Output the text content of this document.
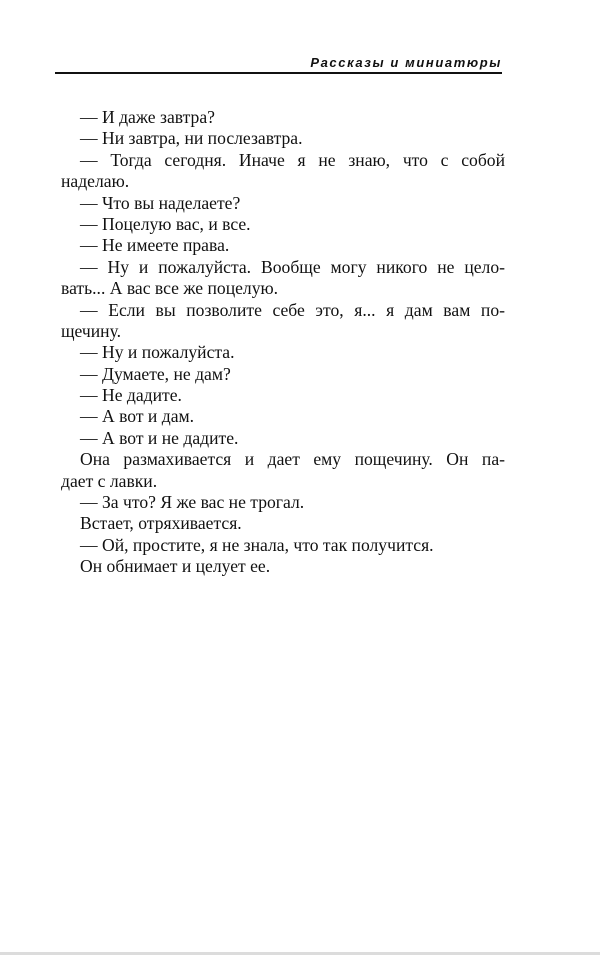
Рассказы и миниатюры
— И даже завтра?
— Ни завтра, ни послезавтра.
— Тогда сегодня. Иначе я не знаю, что с собой
наделаю.
— Что вы наделаете?
— Поцелую вас, и все.
— Не имеете права.
— Ну и пожалуйста. Вообще могу никого не цело-
вать... А вас все же поцелую.
— Если вы позволите себе это, я... я дам вам по-
щечину.
— Ну и пожалуйста.
— Думаете, не дам?
— Не дадите.
— А вот и дам.
— А вот и не дадите.
Она размахивается и дает ему пощечину. Он па-
дает с лавки.
— За что? Я же вас не трогал.
Встает, отряхивается.
— Ой, простите, я не знала, что так получится.
Он обнимает и целует ее.
